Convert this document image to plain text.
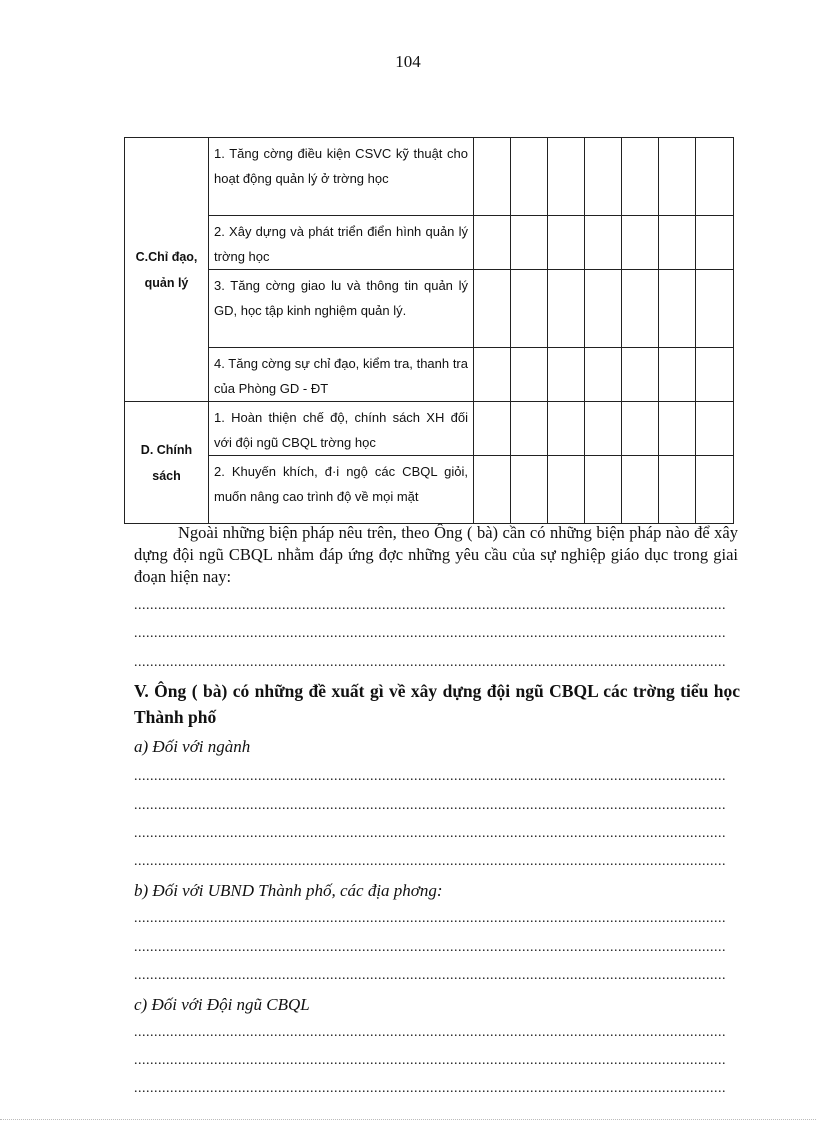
104
C.Chỉ đạo, quản lý	1. Tăng cờng điều kiện CSVC kỹ thuật cho hoạt động quản lý ở trờng học							

	2. Xây dựng và phát triển điển hình quản lý trờng học							

	3. Tăng cờng giao lu và thông tin quản lý GD, học tập kinh nghiệm quản lý.							

	4. Tăng cờng sự chỉ đạo, kiểm tra, thanh tra của Phòng GD - ĐT							

D. Chính sách	1. Hoàn thiện chế độ, chính sách XH đối với đội ngũ CBQL trờng học							

	2. Khuyến khích, đ·i ngộ các CBQL giỏi, muốn nâng cao trình độ về mọi mặt							

Ngoài những biện pháp nêu trên, theo Ông ( bà) cần có những biện pháp nào để xây dựng đội ngũ CBQL nhằm đáp ứng đợc những yêu cầu của sự nghiệp giáo dục trong giai đoạn hiện nay:
....................................................................................................................................................
....................................................................................................................................................
....................................................................................................................................................
V. Ông ( bà) có những đề xuất gì về xây dựng đội ngũ CBQL các trờng tiểu học Thành phố
a) Đối với ngành
....................................................................................................................................................
....................................................................................................................................................
....................................................................................................................................................
....................................................................................................................................................
b) Đối với UBND Thành phố, các địa phơng:
....................................................................................................................................................
....................................................................................................................................................
....................................................................................................................................................
c) Đối với Đội ngũ CBQL
....................................................................................................................................................
....................................................................................................................................................
....................................................................................................................................................
